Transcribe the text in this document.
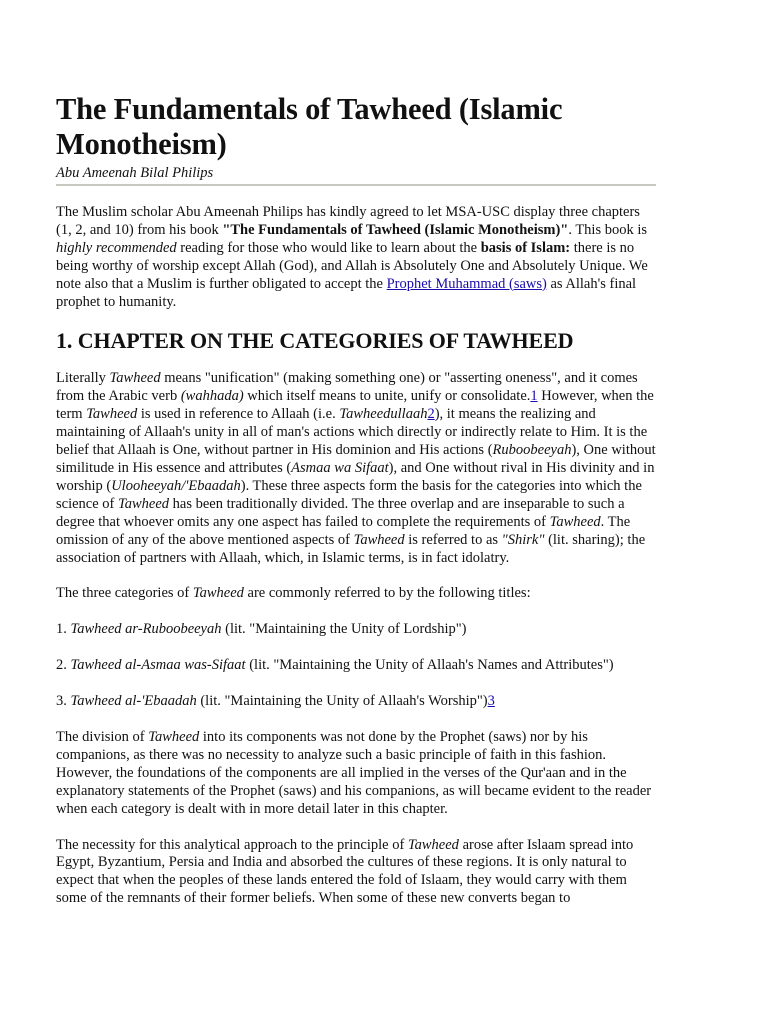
The Fundamentals of Tawheed (Islamic Monotheism)
Abu Ameenah Bilal Philips

The Muslim scholar Abu Ameenah Philips has kindly agreed to let MSA-USC display three chapters (1, 2, and 10) from his book "The Fundamentals of Tawheed (Islamic Monotheism)". This book is highly recommended reading for those who would like to learn about the basis of Islam: there is no being worthy of worship except Allah (God), and Allah is Absolutely One and Absolutely Unique. We note also that a Muslim is further obligated to accept the Prophet Muhammad (saws) as Allah's final prophet to humanity.

1. CHAPTER ON THE CATEGORIES OF TAWHEED

Literally Tawheed means "unification" (making something one) or "asserting oneness", and it comes from the Arabic verb (wahhada) which itself means to unite, unify or consolidate.1 However, when the term Tawheed is used in reference to Allaah (i.e. Tawheedullaah2), it means the realizing and maintaining of Allaah's unity in all of man's actions which directly or indirectly relate to Him. It is the belief that Allaah is One, without partner in His dominion and His actions (Ruboobeeyah), One without similitude in His essence and attributes (Asmaa wa Sifaat), and One without rival in His divinity and in worship (Ulooheeyah/'Ebaadah). These three aspects form the basis for the categories into which the science of Tawheed has been traditionally divided. The three overlap and are inseparable to such a degree that whoever omits any one aspect has failed to complete the requirements of Tawheed. The omission of any of the above mentioned aspects of Tawheed is referred to as "Shirk" (lit. sharing); the association of partners with Allaah, which, in Islamic terms, is in fact idolatry.

The three categories of Tawheed are commonly referred to by the following titles:

1. Tawheed ar-Ruboobeeyah (lit. "Maintaining the Unity of Lordship")

2. Tawheed al-Asmaa was-Sifaat (lit. "Maintaining the Unity of Allaah's Names and Attributes")

3. Tawheed al-'Ebaadah (lit. "Maintaining the Unity of Allaah's Worship")3

The division of Tawheed into its components was not done by the Prophet (saws) nor by his companions, as there was no necessity to analyze such a basic principle of faith in this fashion. However, the foundations of the components are all implied in the verses of the Qur'aan and in the explanatory statements of the Prophet (saws) and his companions, as will became evident to the reader when each category is dealt with in more detail later in this chapter.

The necessity for this analytical approach to the principle of Tawheed arose after Islaam spread into Egypt, Byzantium, Persia and India and absorbed the cultures of these regions. It is only natural to expect that when the peoples of these lands entered the fold of Islaam, they would carry with them some of the remnants of their former beliefs. When some of these new converts began to
